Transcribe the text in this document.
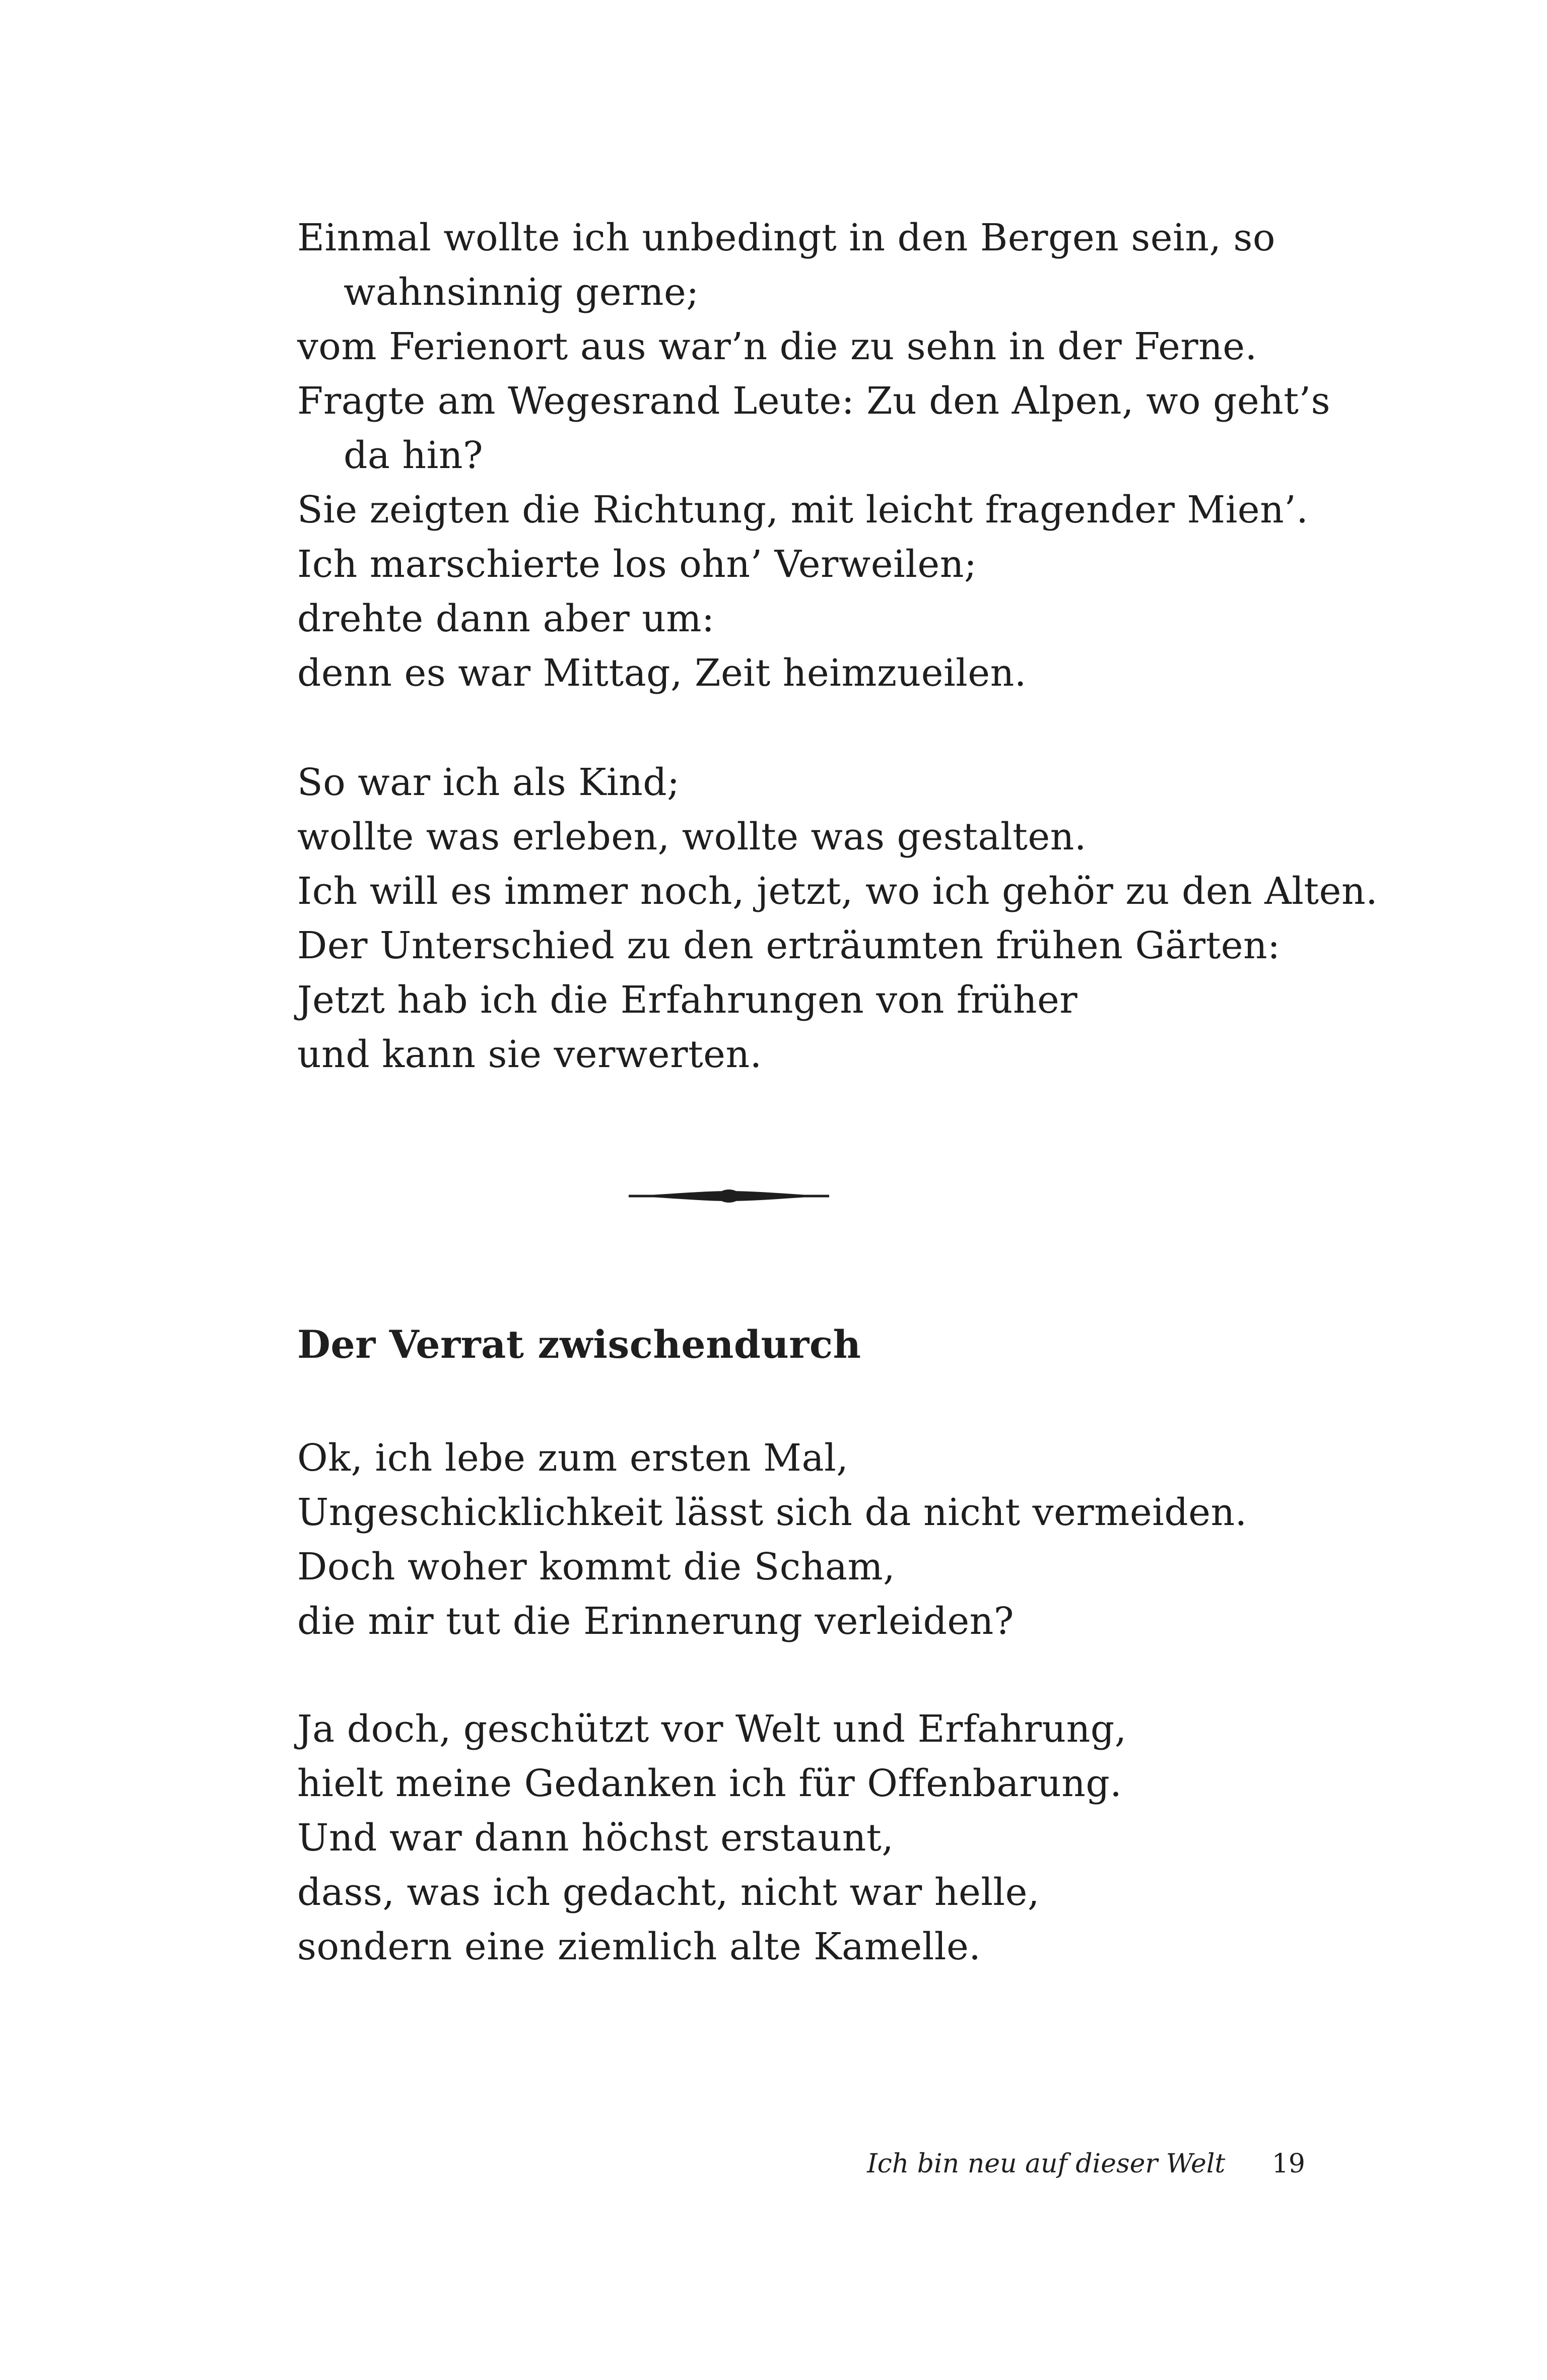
Einmal wollte ich unbedingt in den Bergen sein, so
wahnsinnig gerne;
vom Ferienort aus war’n die zu sehn in der Ferne.
Fragte am Wegesrand Leute: Zu den Alpen, wo geht’s
da hin?
Sie zeigten die Richtung, mit leicht fragender Mien’.
Ich marschierte los ohn’ Verweilen;
drehte dann aber um:
denn es war Mittag, Zeit heimzueilen.
So war ich als Kind;
wollte was erleben, wollte was gestalten.
Ich will es immer noch, jetzt, wo ich gehör zu den Alten.
Der Unterschied zu den erträumten frühen Gärten:
Jetzt hab ich die Erfahrungen von früher
und kann sie verwerten.
Der Verrat zwischendurch
Ok, ich lebe zum ersten Mal,
Ungeschicklichkeit lässt sich da nicht vermeiden.
Doch woher kommt die Scham,
die mir tut die Erinnerung verleiden?
Ja doch, geschützt vor Welt und Erfahrung,
hielt meine Gedanken ich für Offenbarung.
Und war dann höchst erstaunt,
dass, was ich gedacht, nicht war helle,
sondern eine ziemlich alte Kamelle.
Ich bin neu auf dieser Welt 19
